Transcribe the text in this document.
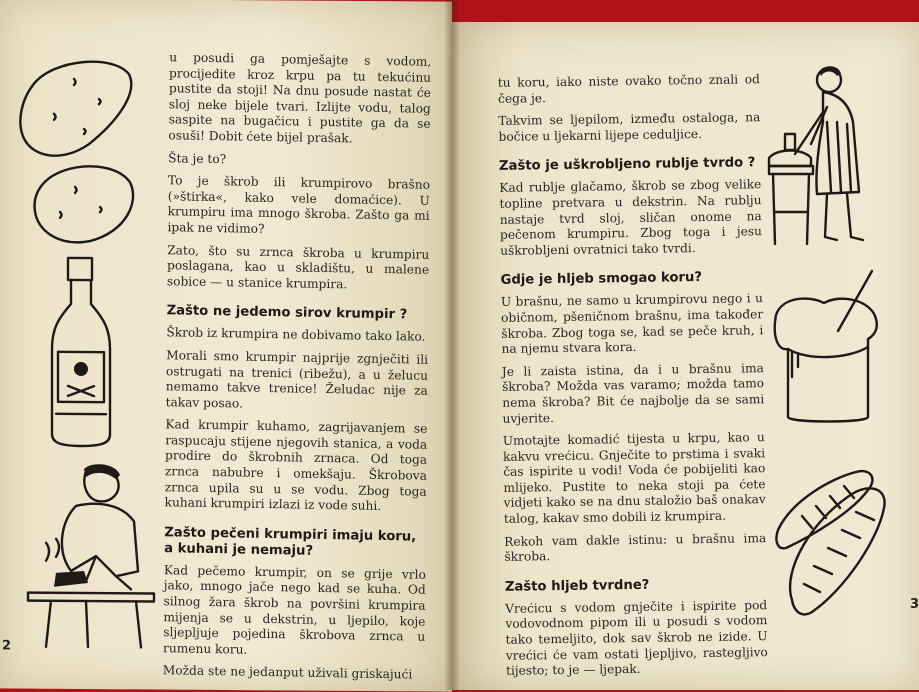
u posudi ga pomješajte s vodom, procijedite kroz krpu pa tu tekućinu pustite da stoji! Na dnu posude nastat će sloj neke bijele tvari. Izlijte vodu, talog saspite na bugačicu i pustite ga da se osuši! Dobit ćete bijel prašak.

Šta je to?

To je škrob ili krumpirovo brašno (»štirka«, kako vele domaćice). U krumpiru ima mnogo škroba. Zašto ga mi ipak ne vidimo?

Zato, što su zrnca škroba u krumpiru poslagana, kao u skladištu, u malene sobice — u stanice krumpira.

Zašto ne jedemo sirov krumpir ?

Škrob iz krumpira ne dobivamo tako lako.

Morali smo krumpir najprije zgnječiti ili ostrugati na trenici (ribežu), a u želucu nemamo takve trenice! Želudac nije za takav posao.

Kad krumpir kuhamo, zagrijavanjem se raspucaju stijene njegovih stanica, a voda prodire do škrobnih zrnaca. Od toga zrnca nabubre i omekšaju. Škrobova zrnca upila su u se vodu. Zbog toga kuhani krumpiri izlazi iz vode suhi.

Zašto pečeni krumpiri imaju koru, a kuhani je nemaju?

Kad pečemo krumpir, on se grije vrlo jako, mnogo jače nego kad se kuha. Od silnog žara škrob na površini krumpira mijenja se u dekstrin, u ljepilo, koje sljepljuje pojedina škrobova zrnca u rumenu koru.

Možda ste ne jedanput uživali griskajući

2

tu koru, iako niste ovako točno znali od čega je.

Takvim se ljepilom, između ostaloga, na bočice u ljekarni lijepe ceduljice.

Zašto je uškrobljeno rublje tvrdo ?

Kad rublje glačamo, škrob se zbog velike topline pretvara u dekstrin. Na rublju nastaje tvrd sloj, sličan onome na pečenom krumpiru. Zbog toga i jesu uškrobljeni ovratnici tako tvrdi.

Gdje je hljeb smogao koru?

U brašnu, ne samo u krumpirovu nego i u običnom, pšeničnom brašnu, ima također škroba. Zbog toga se, kad se peče kruh, i na njemu stvara kora.

Je li zaista istina, da i u brašnu ima škroba? Možda vas varamo; možda tamo nema škroba? Bit će najbolje da se sami uvjerite.

Umotajte komadić tijesta u krpu, kao u kakvu vrećicu. Gnječite to prstima i svaki čas ispirite u vodi! Voda će pobijeliti kao mlijeko. Pustite to neka stoji pa ćete vidjeti kako se na dnu staložio baš onakav talog, kakav smo dobili iz krumpira.

Rekoh vam dakle istinu: u brašnu ima škroba.

Zašto hljeb tvrdne?

Vrećicu s vodom gnječite i ispirite pod vodovodnom pipom ili u posudi s vodom tako temeljito, dok sav škrob ne izide. U vrećici će vam ostati ljepljivo, rastegljivo tijesto; to je — ljepak.

3
